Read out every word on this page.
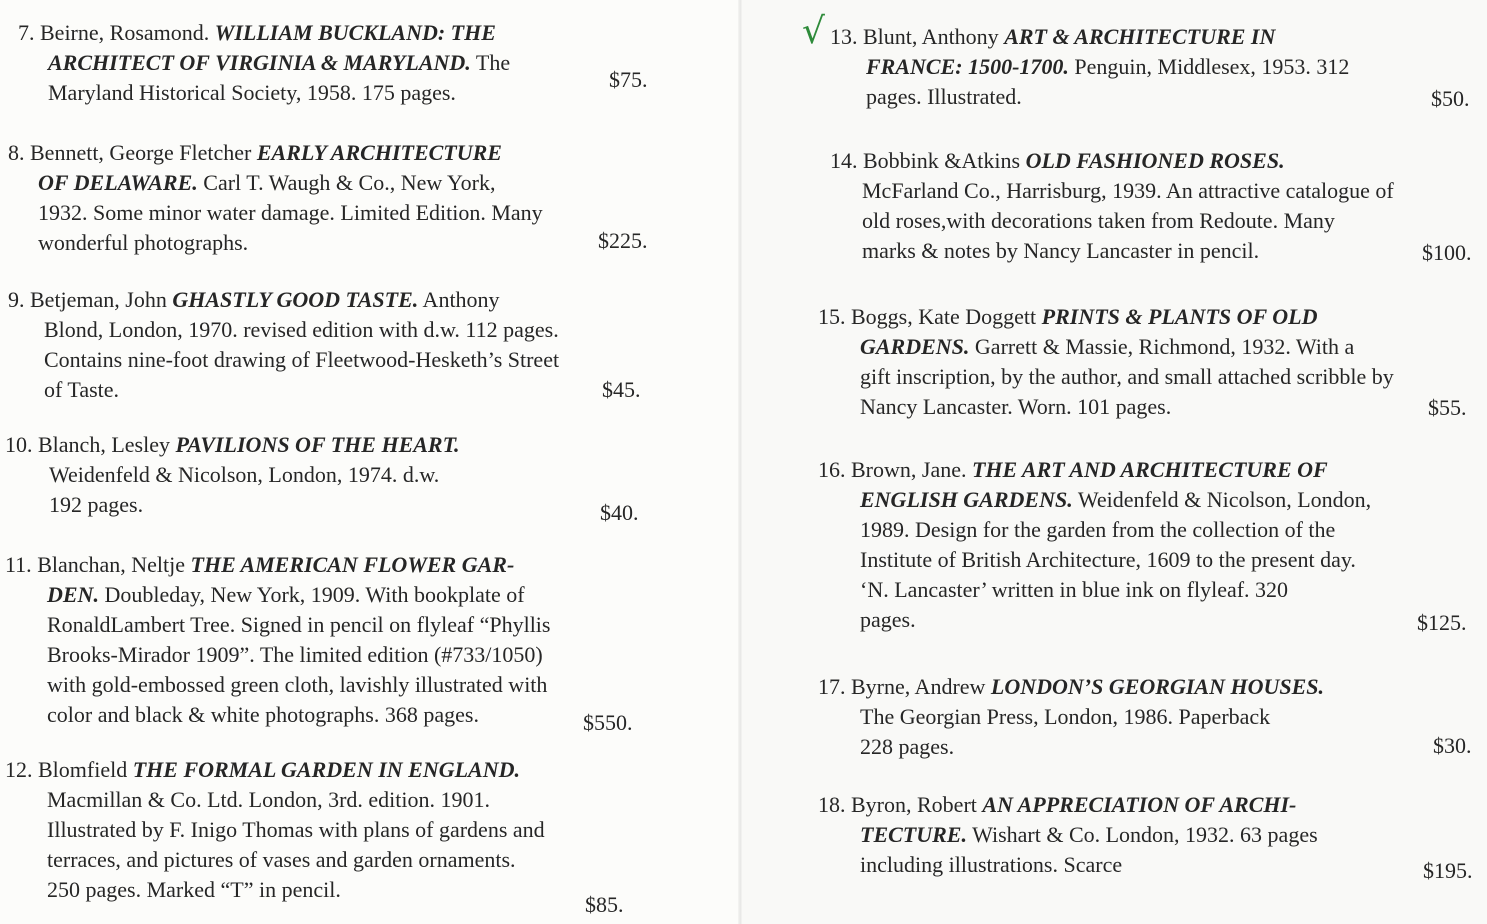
7. Beirne, Rosamond. WILLIAM BUCKLAND: THE
ARCHITECT OF VIRGINIA & MARYLAND. The
Maryland Historical Society, 1958. 175 pages.
$75.
8. Bennett, George Fletcher EARLY ARCHITECTURE
OF DELAWARE. Carl T. Waugh & Co., New York,
1932. Some minor water damage. Limited Edition. Many
wonderful photographs.	$225.
9. Betjeman, John GHASTLY GOOD TASTE. Anthony
Blond, London, 1970. revised edition with d.w. 112 pages.
Contains nine-foot drawing of Fleetwood-Hesketh’s Street
of Taste.	$45.
10. Blanch, Lesley PAVILIONS OF THE HEART.
Weidenfeld & Nicolson, London, 1974. d.w.
192 pages.	$40.
11. Blanchan, Neltje THE AMERICAN FLOWER GAR-
DEN. Doubleday, New York, 1909. With bookplate of
RonaldLambert Tree. Signed in pencil on flyleaf “Phyllis
Brooks-Mirador 1909”. The limited edition (#733/1050)
with gold-embossed green cloth, lavishly illustrated with
color and black & white photographs. 368 pages.	$550.
12. Blomfield THE FORMAL GARDEN IN ENGLAND.
Macmillan & Co. Ltd. London, 3rd. edition. 1901.
Illustrated by F. Inigo Thomas with plans of gardens and
terraces, and pictures of vases and garden ornaments.
250 pages. Marked “T” in pencil.
$85.
13. Blunt, Anthony ART & ARCHITECTURE IN
FRANCE: 1500-1700. Penguin, Middlesex, 1953. 312
pages. Illustrated.	$50.
14. Bobbink &Atkins OLD FASHIONED ROSES.
McFarland Co., Harrisburg, 1939. An attractive catalogue of
old roses,with decorations taken from Redoute. Many
marks & notes by Nancy Lancaster in pencil.	$100.
15. Boggs, Kate Doggett PRINTS & PLANTS OF OLD
GARDENS. Garrett & Massie, Richmond, 1932. With a
gift inscription, by the author, and small attached scribble by
Nancy Lancaster. Worn. 101 pages.	$55.
16. Brown, Jane. THE ART AND ARCHITECTURE OF
ENGLISH GARDENS. Weidenfeld & Nicolson, London,
1989. Design for the garden from the collection of the
Institute of British Architecture, 1609 to the present day.
‘N. Lancaster’ written in blue ink on flyleaf. 320
pages.	$125.
17. Byrne, Andrew LONDON’S GEORGIAN HOUSES.
The Georgian Press, London, 1986. Paperback
228 pages.	$30.
18. Byron, Robert AN APPRECIATION OF ARCHI-
TECTURE. Wishart & Co. London, 1932. 63 pages
including illustrations. Scarce	$195.
√
